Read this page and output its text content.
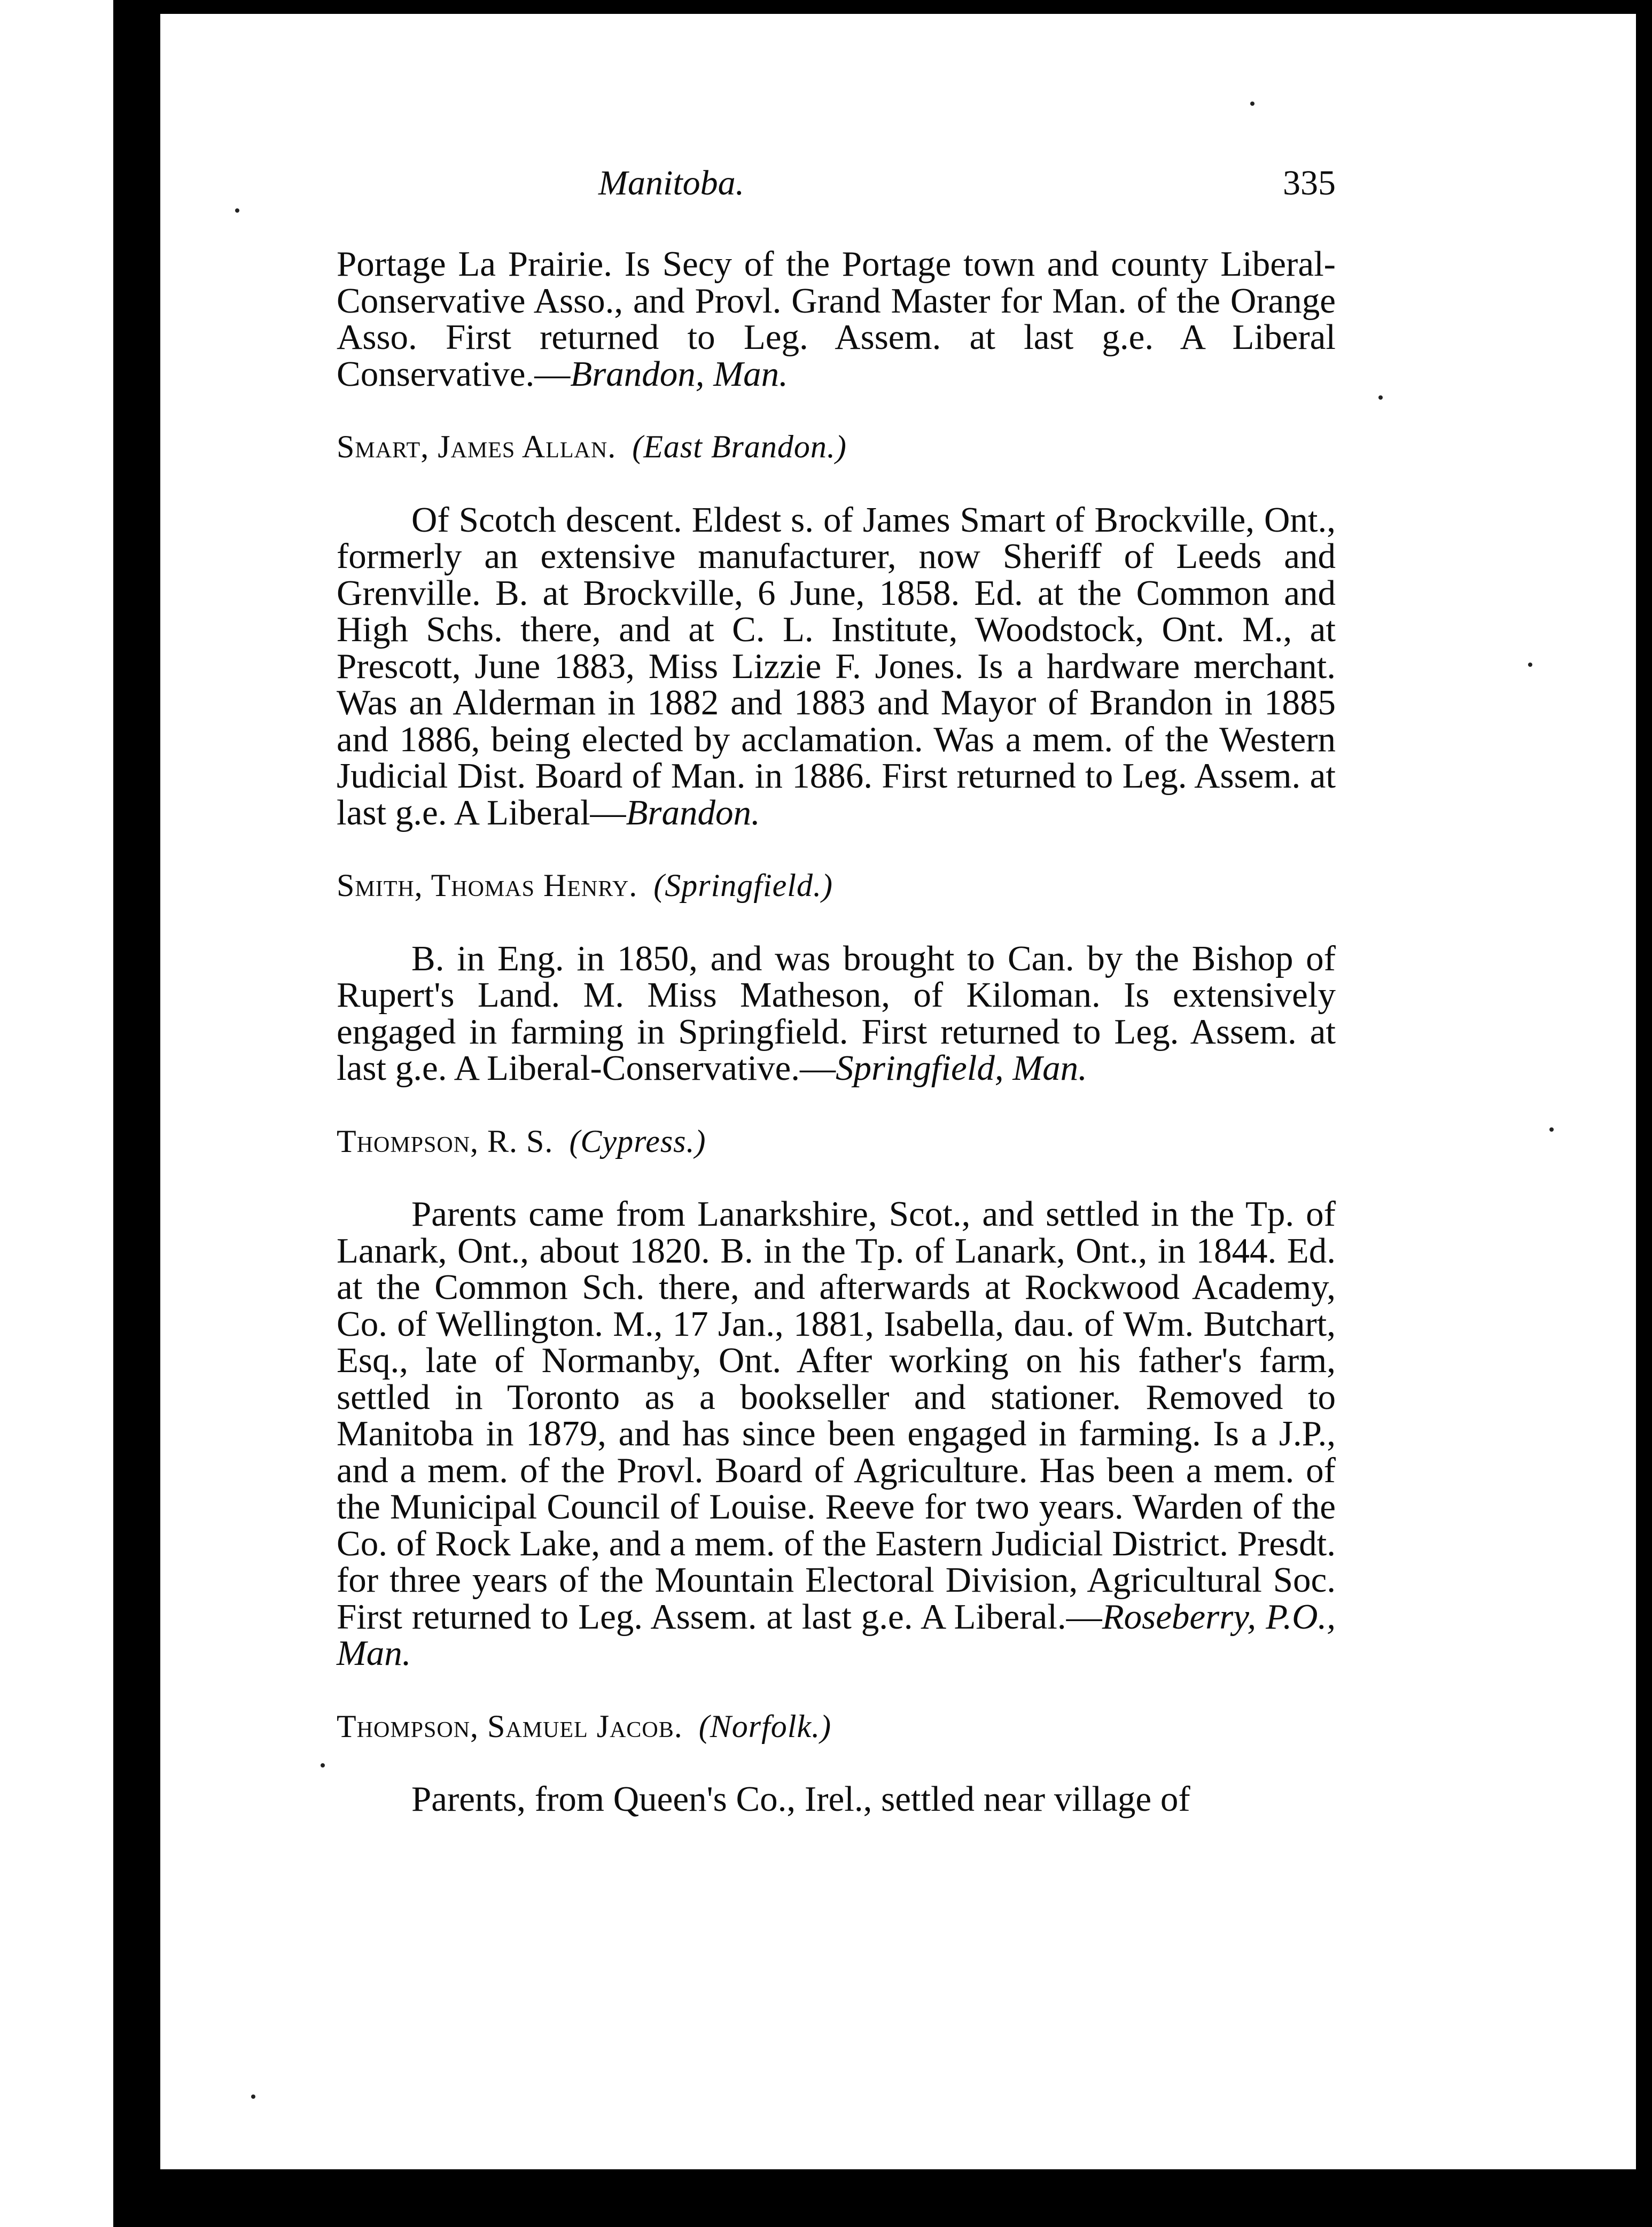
Manitoba.	335

Portage La Prairie. Is Secy of the Portage town and county Liberal-Conservative Asso., and Provl. Grand Master for Man. of the Orange Asso. First returned to Leg. Assem. at last g.e. A Liberal Conservative.—Brandon, Man.

Smart, James Allan. (East Brandon.)

Of Scotch descent. Eldest s. of James Smart of Brockville, Ont., formerly an extensive manufacturer, now Sheriff of Leeds and Grenville. B. at Brockville, 6 June, 1858. Ed. at the Common and High Schs. there, and at C. L. Institute, Woodstock, Ont. M., at Prescott, June 1883, Miss Lizzie F. Jones. Is a hardware merchant. Was an Alderman in 1882 and 1883 and Mayor of Brandon in 1885 and 1886, being elected by acclamation. Was a mem. of the Western Judicial Dist. Board of Man. in 1886. First returned to Leg. Assem. at last g.e. A Liberal—Brandon.

Smith, Thomas Henry. (Springfield.)

B. in Eng. in 1850, and was brought to Can. by the Bishop of Rupert's Land. M. Miss Matheson, of Kiloman. Is extensively engaged in farming in Springfield. First returned to Leg. Assem. at last g.e. A Liberal-Conservative.—Springfield, Man.

Thompson, R. S. (Cypress.)

Parents came from Lanarkshire, Scot., and settled in the Tp. of Lanark, Ont., about 1820. B. in the Tp. of Lanark, Ont., in 1844. Ed. at the Common Sch. there, and afterwards at Rockwood Academy, Co. of Wellington. M., 17 Jan., 1881, Isabella, dau. of Wm. Butchart, Esq., late of Normanby, Ont. After working on his father's farm, settled in Toronto as a bookseller and stationer. Removed to Manitoba in 1879, and has since been engaged in farming. Is a J.P., and a mem. of the Provl. Board of Agriculture. Has been a mem. of the Municipal Council of Louise. Reeve for two years. Warden of the Co. of Rock Lake, and a mem. of the Eastern Judicial District. Presdt. for three years of the Mountain Electoral Division, Agricultural Soc. First returned to Leg. Assem. at last g.e. A Liberal.—Roseberry, P.O., Man.

Thompson, Samuel Jacob. (Norfolk.)

Parents, from Queen's Co., Irel., settled near village of
